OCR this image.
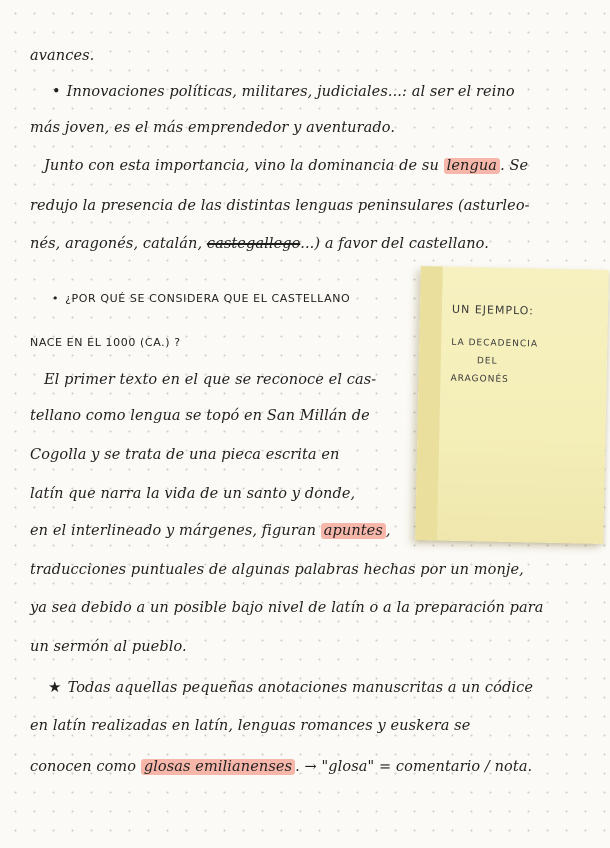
avances.
• Innovaciones políticas, militares, judiciales...: al ser el reino
más joven, es el más emprendedor y aventurado.
Junto con esta importancia, vino la dominancia de su lengua . Se
redujo la presencia de las distintas lenguas peninsulares (asturleo-
nés, aragonés, catalán, castegallego...) a favor del castellano.
• ¿POR QUÉ SE CONSIDERA QUE EL CASTELLANO
NACE EN EL 1000 (CA.) ?
El primer texto en el que se reconoce el cas-
tellano como lengua se topó en San Millán de
Cogolla y se trata de una pieca escrita en
latín que narra la vida de un santo y donde,
en el interlineado y márgenes, figuran apuntes ,
traducciones puntuales de algunas palabras hechas por un monje,
ya sea debido a un posible bajo nivel de latín o a la preparación para
un sermón al pueblo.
★ Todas aquellas pequeñas anotaciones manuscritas a un códice
en latín realizadas en latín, lenguas romances y euskera se
conocen como glosas emilianenses . → "glosa" = comentario / nota.
UN EJEMPLO:
LA DECADENCIA
DEL
ARAGONÉS
